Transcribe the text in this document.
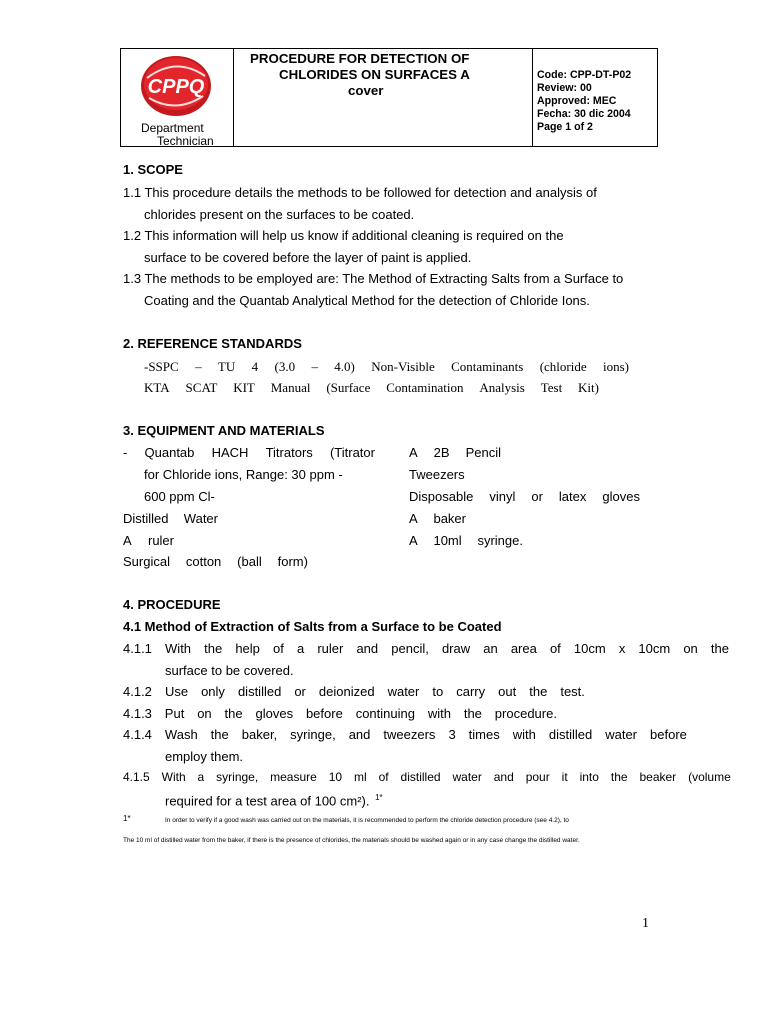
CPPQ
Department
Technician
PROCEDURE FOR DETECTION OF
CHLORIDES ON SURFACES A
cover
Code: CPP-DT-P02
Review: 00
Approved: MEC
Fecha: 30 dic 2004
Page 1 of 2
1. SCOPE
1.1 This procedure details the methods to be followed for detection and analysis of
chlorides present on the surfaces to be coated.
1.2 This information will help us know if additional cleaning is required on the
surface to be covered before the layer of paint is applied.
1.3 The methods to be employed are: The Method of Extracting Salts from a Surface to
Coating and the Quantab Analytical Method for the detection of Chloride Ions.
2. REFERENCE STANDARDS
-SSPC – TU 4 (3.0 – 4.0) Non-Visible Contaminants (chloride ions)
KTA SCAT KIT Manual (Surface Contamination Analysis Test Kit)
3. EQUIPMENT AND MATERIALS
- Quantab HACH Titrators (Titrator
for Chloride ions, Range: 30 ppm -
600 ppm Cl-
Distilled Water
A ruler
Surgical cotton (ball form)
A 2B Pencil
Tweezers
Disposable vinyl or latex gloves
A baker
A 10ml syringe.
4. PROCEDURE
4.1 Method of Extraction of Salts from a Surface to be Coated
4.1.1 With the help of a ruler and pencil, draw an area of 10cm x 10cm on the
surface to be covered.
4.1.2 Use only distilled or deionized water to carry out the test.
4.1.3 Put on the gloves before continuing with the procedure.
4.1.4 Wash the baker, syringe, and tweezers 3 times with distilled water before
employ them.
4.1.5 With a syringe, measure 10 ml of distilled water and pour it into the beaker (volume
required for a test area of 100 cm²). $^{1*}$
1*	In order to verify if a good wash was carried out on the materials, it is recommended to perform the chloride detection procedure (see 4.2), to
The 10 ml of distilled water from the baker, if there is the presence of chlorides, the materials should be washed again or in any case change the distilled water.
1
